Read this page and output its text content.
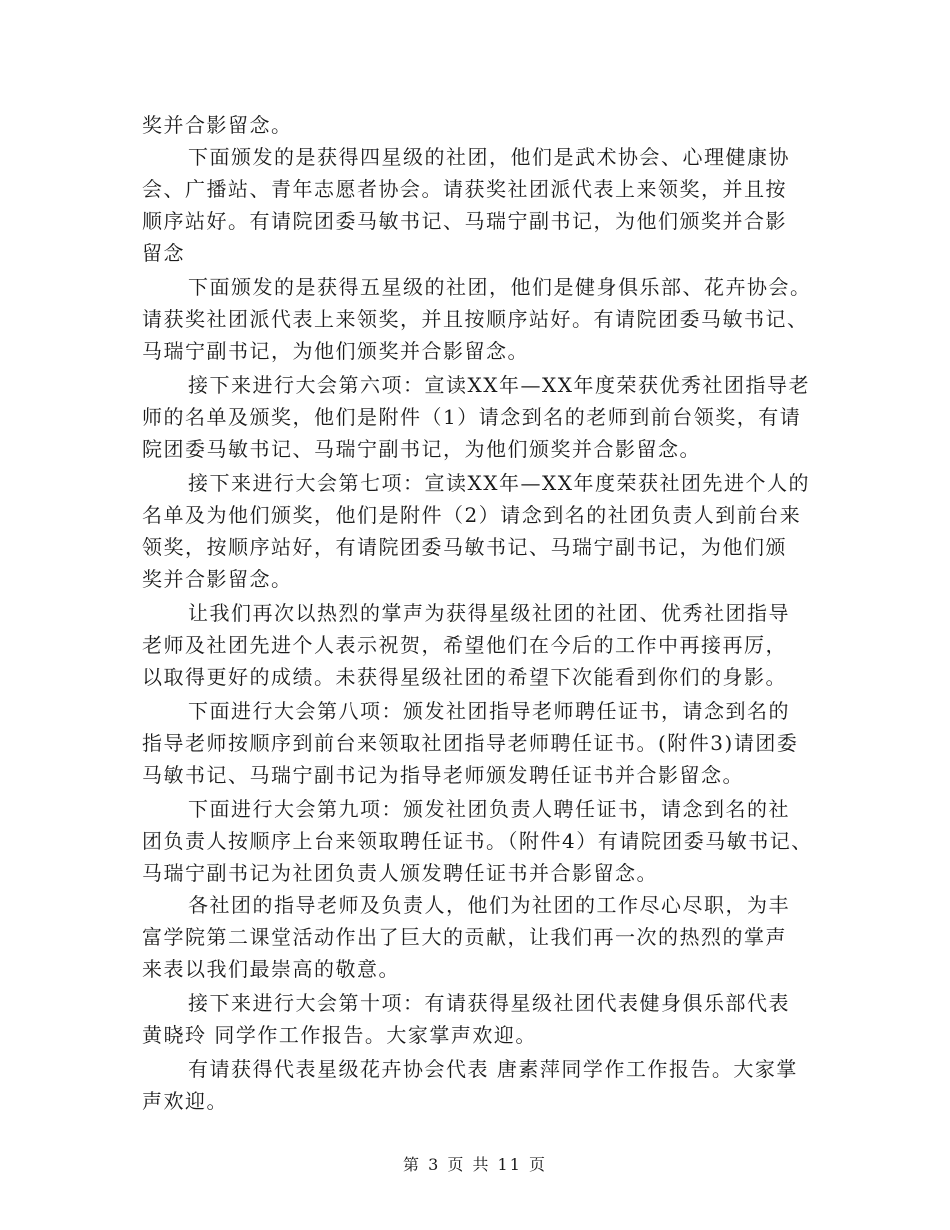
奖并合影留念。
下面颁发的是获得四星级的社团，他们是武术协会、心理健康协
会、广播站、青年志愿者协会。请获奖社团派代表上来领奖，并且按
顺序站好。有请院团委马敏书记、马瑞宁副书记，为他们颁奖并合影
留念
下面颁发的是获得五星级的社团，他们是健身俱乐部、花卉协会。
请获奖社团派代表上来领奖，并且按顺序站好。有请院团委马敏书记、
马瑞宁副书记，为他们颁奖并合影留念。
接下来进行大会第六项：宣读XX年—XX年度荣获优秀社团指导老
师的名单及颁奖，他们是附件（1）请念到名的老师到前台领奖，有请
院团委马敏书记、马瑞宁副书记，为他们颁奖并合影留念。
接下来进行大会第七项：宣读XX年—XX年度荣获社团先进个人的
名单及为他们颁奖，他们是附件（2）请念到名的社团负责人到前台来
领奖，按顺序站好，有请院团委马敏书记、马瑞宁副书记，为他们颁
奖并合影留念。
让我们再次以热烈的掌声为获得星级社团的社团、优秀社团指导
老师及社团先进个人表示祝贺，希望他们在今后的工作中再接再厉，
以取得更好的成绩。未获得星级社团的希望下次能看到你们的身影。
下面进行大会第八项：颁发社团指导老师聘任证书，请念到名的
指导老师按顺序到前台来领取社团指导老师聘任证书。(附件3)请团委
马敏书记、马瑞宁副书记为指导老师颁发聘任证书并合影留念。
下面进行大会第九项：颁发社团负责人聘任证书，请念到名的社
团负责人按顺序上台来领取聘任证书。（附件4）有请院团委马敏书记、
马瑞宁副书记为社团负责人颁发聘任证书并合影留念。
各社团的指导老师及负责人，他们为社团的工作尽心尽职，为丰
富学院第二课堂活动作出了巨大的贡献，让我们再一次的热烈的掌声
来表以我们最崇高的敬意。
接下来进行大会第十项：有请获得星级社团代表健身俱乐部代表
黄晓玲 同学作工作报告。大家掌声欢迎。
有请获得代表星级花卉协会代表 唐素萍同学作工作报告。大家掌
声欢迎。
第 3 页 共 11 页
